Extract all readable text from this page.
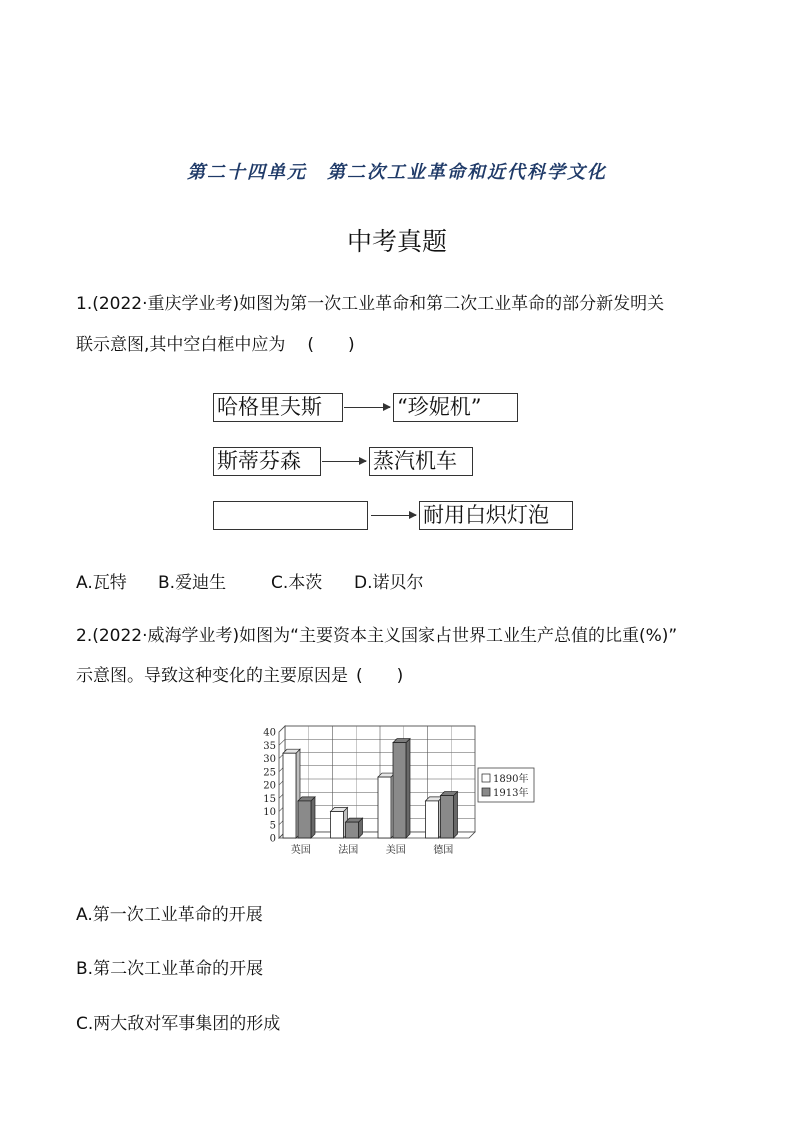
第二十四单元　第二次工业革命和近代科学文化
中考真题
1.(2022·重庆学业考)如图为第一次工业革命和第二次工业革命的部分新发明关
联示意图,其中空白框中应为 (　　)
哈格里夫斯	“珍妮机”
斯蒂芬森	蒸汽机车
耐用白炽灯泡
A.瓦特 B.爱迪生	C.本茨 D.诺贝尔
2.(2022·威海学业考)如图为“主要资本主义国家占世界工业生产总值的比重(%)”
示意图。导致这种变化的主要原因是 (　　)
0
5
10
15
20
25
30
35
40
英国	法国	美国	德国
1890年
1913年
A.第一次工业革命的开展
B.第二次工业革命的开展
C.两大敌对军事集团的形成
